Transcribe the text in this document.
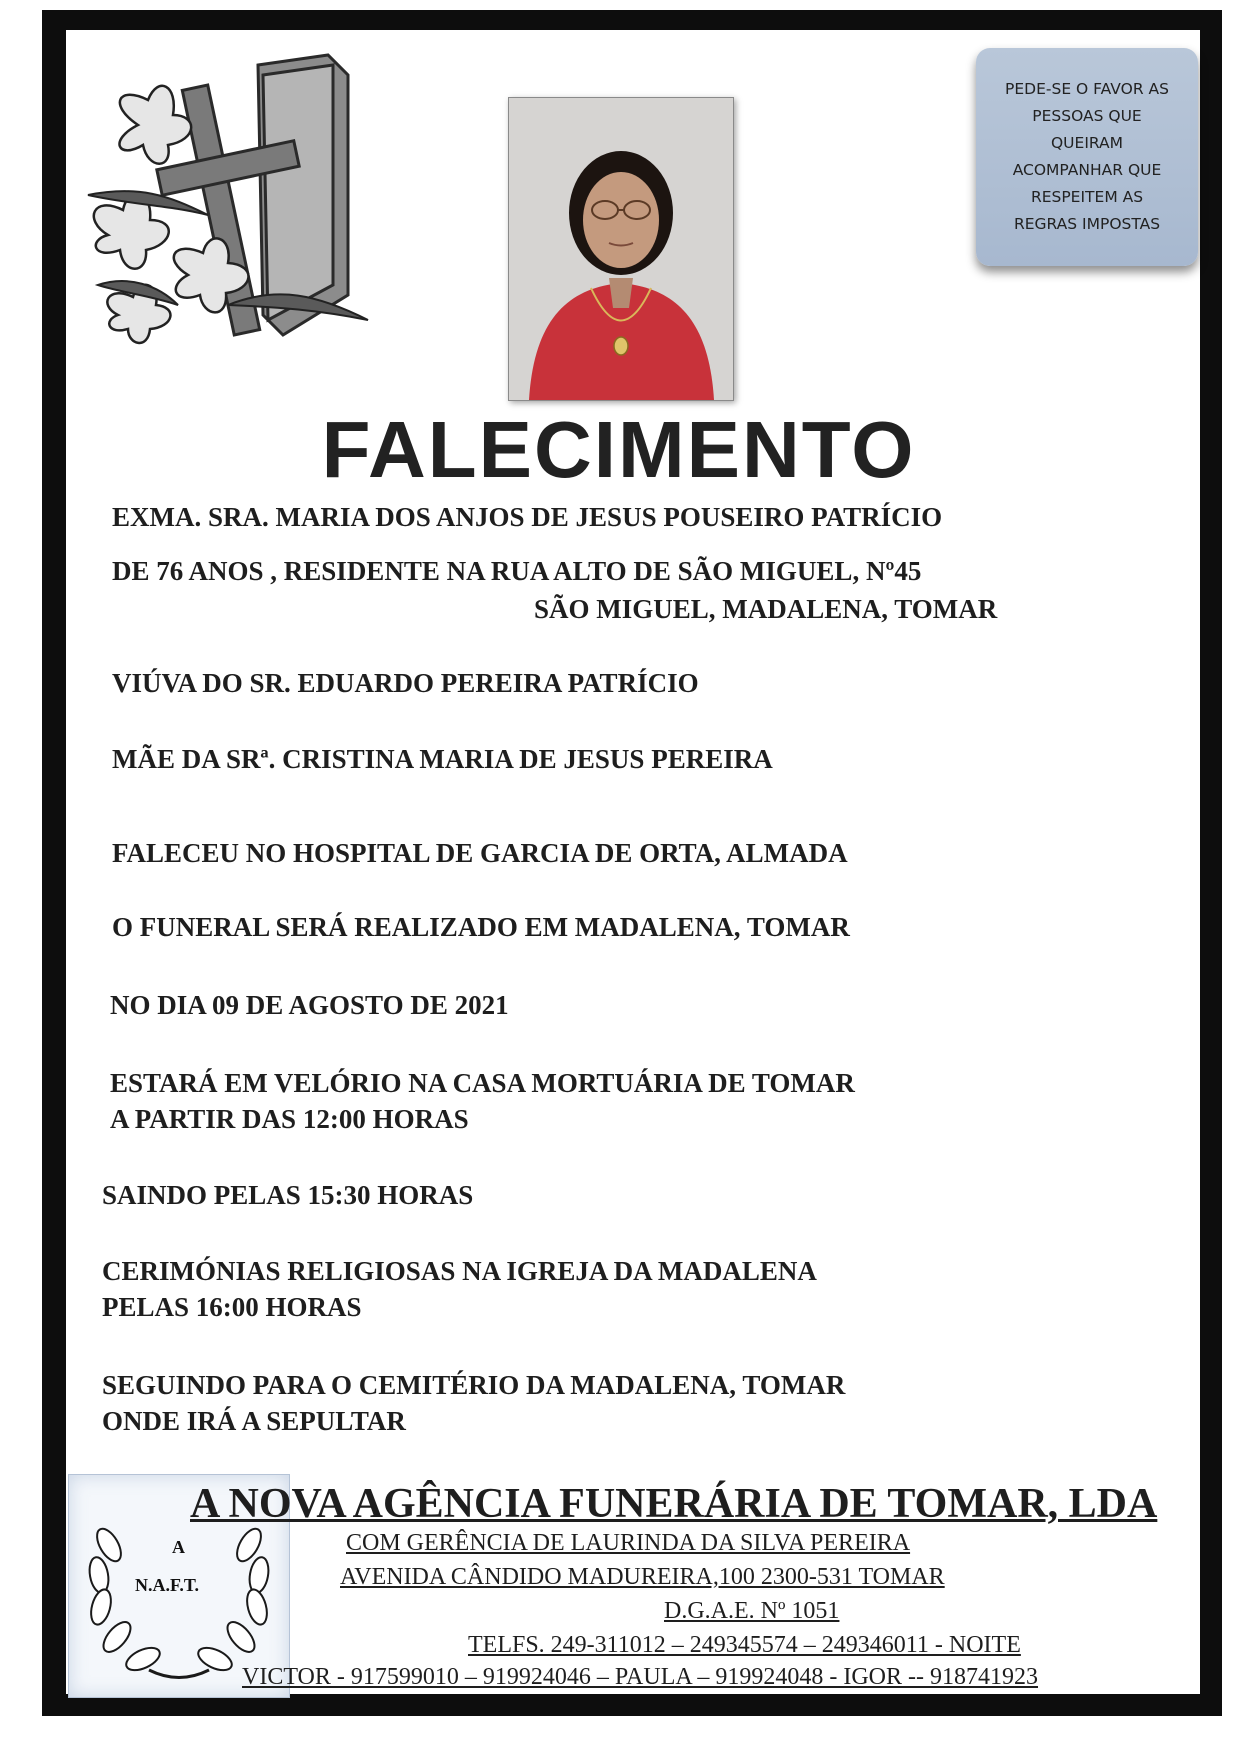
PEDE-SE O FAVOR AS
PESSOAS QUE
QUEIRAM
ACOMPANHAR QUE
RESPEITEM AS
REGRAS IMPOSTAS
FALECIMENTO
EXMA. SRA. MARIA DOS ANJOS DE JESUS POUSEIRO PATRÍCIO
DE 76 ANOS , RESIDENTE NA RUA ALTO DE SÃO MIGUEL, Nº45
SÃO MIGUEL, MADALENA, TOMAR
VIÚVA DO SR. EDUARDO PEREIRA PATRÍCIO
MÃE DA SRª. CRISTINA MARIA DE JESUS PEREIRA
FALECEU NO HOSPITAL DE GARCIA DE ORTA, ALMADA
O FUNERAL SERÁ REALIZADO EM MADALENA, TOMAR
NO DIA 09 DE AGOSTO DE 2021
ESTARÁ EM VELÓRIO NA CASA MORTUÁRIA DE TOMAR
A PARTIR DAS 12:00 HORAS
SAINDO PELAS 15:30 HORAS
CERIMÓNIAS RELIGIOSAS NA IGREJA DA MADALENA
PELAS 16:00 HORAS
SEGUINDO PARA O CEMITÉRIO DA MADALENA, TOMAR
ONDE IRÁ A SEPULTAR
A
N.A.F.T.
A NOVA AGÊNCIA FUNERÁRIA DE TOMAR, LDA
COM GERÊNCIA DE LAURINDA DA SILVA PEREIRA
AVENIDA CÂNDIDO MADUREIRA,100 2300-531 TOMAR
D.G.A.E. Nº 1051
TELFS. 249-311012 – 249345574 – 249346011 - NOITE
VICTOR - 917599010 – 919924046 – PAULA – 919924048 - IGOR -- 918741923
